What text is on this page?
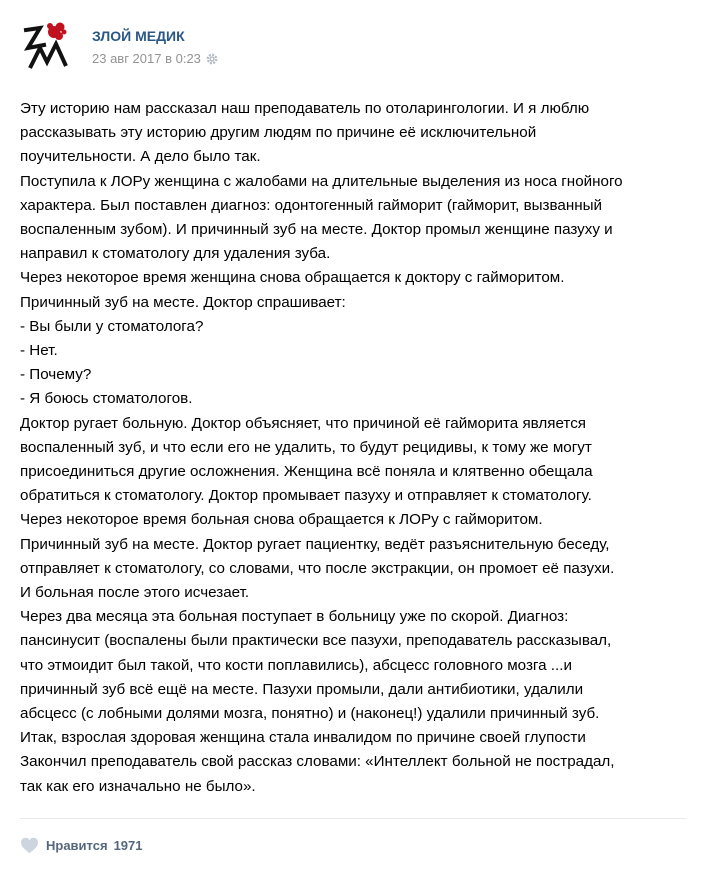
ЗЛОЙ МЕДИК
23 авг 2017 в 0:23

Эту историю нам рассказал наш преподаватель по отоларингологии. И я люблю

рассказывать эту историю другим людям по причине её исключительной

поучительности. А дело было так.

Поступила к ЛОРу женщина с жалобами на длительные выделения из носа гнойного

характера. Был поставлен диагноз: одонтогенный гайморит (гайморит, вызванный

воспаленным зубом). И причинный зуб на месте. Доктор промыл женщине пазуху и

направил к стоматологу для удаления зуба.

Через некоторое время женщина снова обращается к доктору с гайморитом.

Причинный зуб на месте. Доктор спрашивает:

- Вы были у стоматолога?

- Нет.

- Почему?

- Я боюсь стоматологов.

Доктор ругает больную. Доктор объясняет, что причиной её гайморита является

воспаленный зуб, и что если его не удалить, то будут рецидивы, к тому же могут

присоединиться другие осложнения. Женщина всё поняла и клятвенно обещала

обратиться к стоматологу. Доктор промывает пазуху и отправляет к стоматологу.

Через некоторое время больная снова обращается к ЛОРу с гайморитом.

Причинный зуб на месте. Доктор ругает пациентку, ведёт разъяснительную беседу,

отправляет к стоматологу, со словами, что после экстракции, он промоет её пазухи.

И больная после этого исчезает.

Через два месяца эта больная поступает в больницу уже по скорой. Диагноз:

пансинусит (воспалены были практически все пазухи, преподаватель рассказывал,

что этмоидит был такой, что кости поплавились), абсцесс головного мозга ...и

причинный зуб всё ещё на месте. Пазухи промыли, дали антибиотики, удалили

абсцесс (с лобными долями мозга, понятно) и (наконец!) удалили причинный зуб.

Итак, взрослая здоровая женщина стала инвалидом по причине своей глупости

Закончил преподаватель свой рассказ словами: «Интеллект больной не пострадал,

так как его изначально не было».

Нравится 1971
